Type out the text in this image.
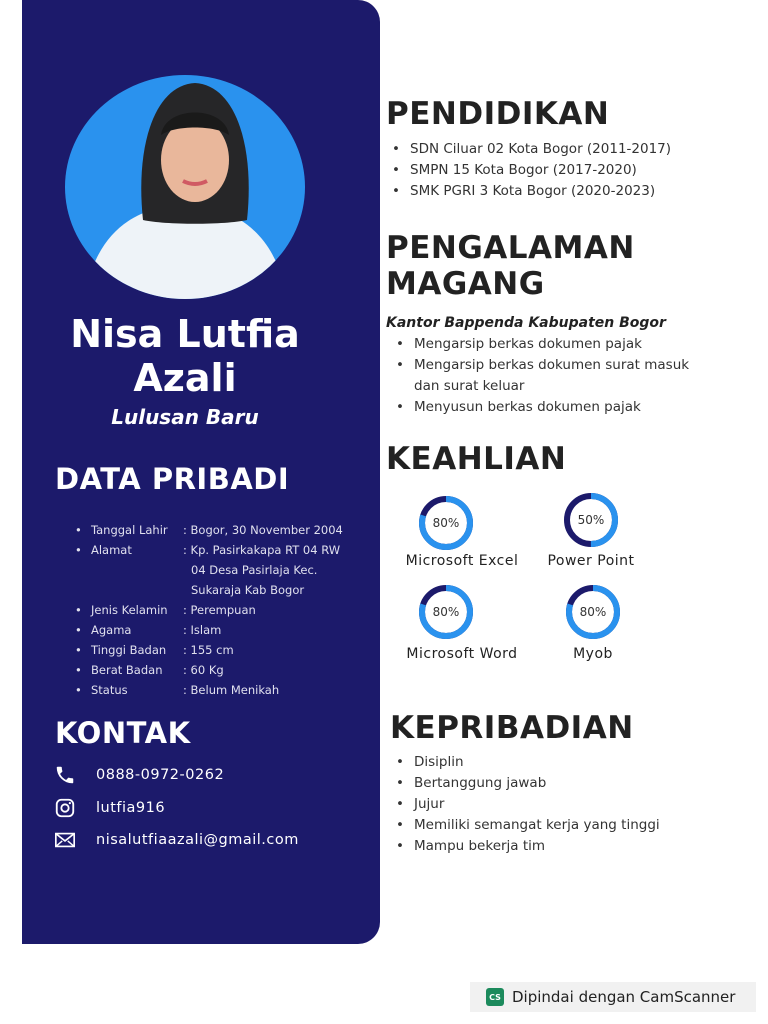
Nisa Lutfia
Azali
Lulusan Baru
DATA PRIBADI
• Tanggal Lahir	: Bogor, 30 November 2004
• Alamat	: Kp. Pasirkakapa RT 04 RW
04 Desa Pasirlaja Kec.
Sukaraja Kab Bogor
• Jenis Kelamin	: Perempuan
• Agama	: Islam
• Tinggi Badan	: 155 cm
• Berat Badan	: 60 Kg
• Status	: Belum Menikah
KONTAK
0888-0972-0262
lutfia916
nisalutfiaazali@gmail.com
PENDIDIKAN
• SDN Ciluar 02 Kota Bogor (2011-2017)
• SMPN 15 Kota Bogor (2017-2020)
• SMK PGRI 3 Kota Bogor (2020-2023)
PENGALAMAN
MAGANG
Kantor Bappenda Kabupaten Bogor
• Mengarsip berkas dokumen pajak
• Mengarsip berkas dokumen surat masuk
dan surat keluar
• Menyusun berkas dokumen pajak
KEAHLIAN
80%
Microsoft Excel
50%
Power Point
80%
Microsoft Word
80%
Myob
KEPRIBADIAN
• Disiplin
• Bertanggung jawab
• Jujur
• Memiliki semangat kerja yang tinggi
• Mampu bekerja tim
CS Dipindai dengan CamScanner
